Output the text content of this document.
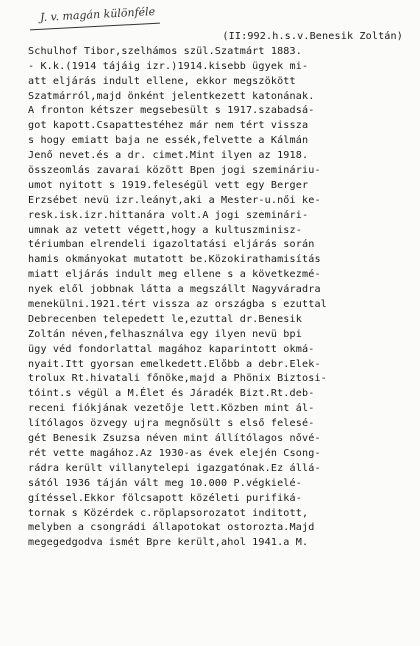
J. v. magán különféle
(II:992.h.s.v.Benesik Zoltán)
Schulhof Tibor,szelhámos szül.Szatmárt 1883.
- K.k.(1914 tájáig izr.)1914.kisebb ügyek mi-
att eljárás indult ellene, ekkor megszökött
Szatmárról,majd önként jelentkezett katonának.
A fronton kétszer megsebesült s 1917.szabadsá-
got kapott.Csapattestéhez már nem tért vissza
s hogy emiatt baja ne essék,felvette a Kálmán
Jenő nevet.és a dr. cimet.Mint ilyen az 1918.
összeomlás zavarai között Bpen jogi szemináriu-
umot nyitott s 1919.feleségül vett egy Berger
Erzsébet nevü izr.leányt,aki a Mester-u.női ke-
resk.isk.izr.hittanára volt.A jogi szeminári-
umnak az vetett végett,hogy a kultuszminisz-
tériumban elrendeli igazoltatási eljárás során
hamis okmányokat mutatott be.Közokirathamisítás
miatt eljárás indult meg ellene s a következmé-
nyek elől jobbnak látta a megszállt Nagyváradra
menekülni.1921.tért vissza az országba s ezuttal
Debrecenben telepedett le,ezuttal dr.Benesik
Zoltán néven,felhasználva egy ilyen nevü bpi
ügy véd fondorlattal magához kaparintott okmá-
nyait.Itt gyorsan emelkedett.Előbb a debr.Elek-
trolux Rt.hivatali főnöke,majd a Phönix Biztosi-
tóint.s végül a M.Élet és Járadék Bizt.Rt.deb-
receni fiókjának vezetője lett.Közben mint ál-
lítólagos özvegy ujra megnősült s első felesé-
gét Benesik Zsuzsa néven mint állítólagos nővé-
rét vette magához.Az 1930-as évek elején Csong-
rádra került villanytelepi igazgatónak.Ez állá-
sától 1936 táján vált meg 10.000 P.végkielé-
gítéssel.Ekkor fölcsapott közéleti purifiká-
tornak s Közérdek c.röplapsorozatot inditott,
melyben a csongrádi állapotokat ostorozta.Majd
megegedgodva ismét Bpre került,ahol 1941.a M.
